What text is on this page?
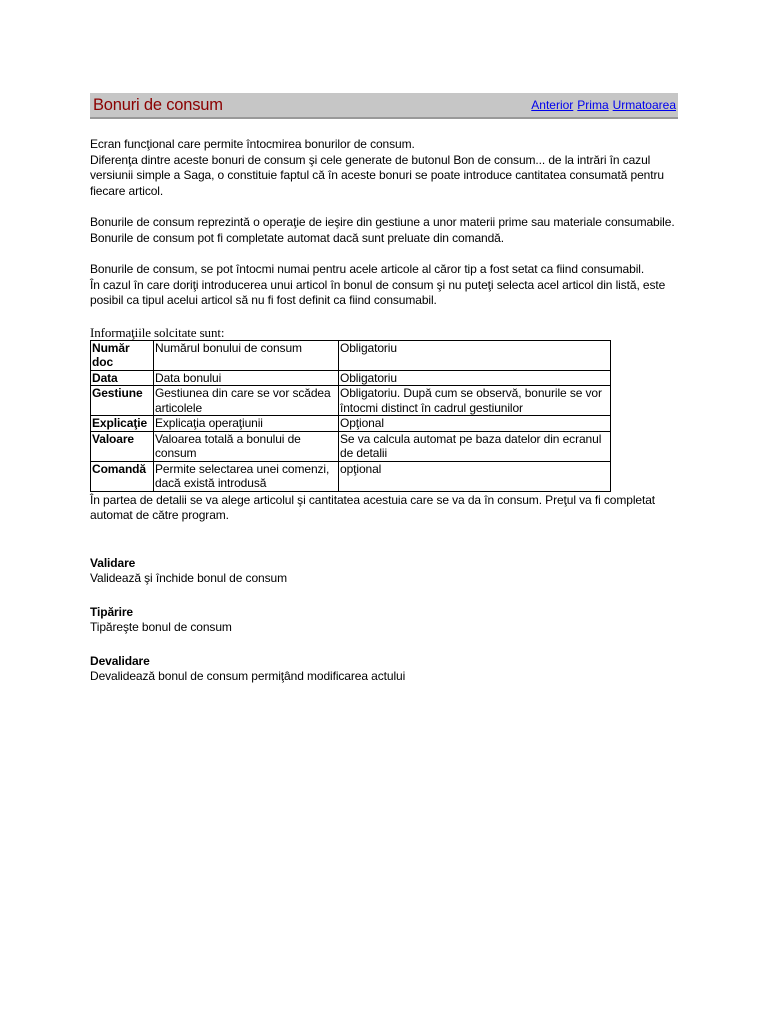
Bonuri de consum	Anterior Prima Urmatoarea

Ecran funcţional care permite întocmirea bonurilor de consum.

Diferenţa dintre aceste bonuri de consum şi cele generate de butonul Bon de consum... de la intrări în cazul versiunii simple a Saga, o constituie faptul că în aceste bonuri se poate introduce cantitatea consumată pentru fiecare articol.

Bonurile de consum reprezintă o operaţie de ieşire din gestiune a unor materii prime sau materiale consumabile.

Bonurile de consum pot fi completate automat dacă sunt preluate din comandă.

Bonurile de consum, se pot întocmi numai pentru acele articole al căror tip a fost setat ca fiind consumabil.

În cazul în care doriţi introducerea unui articol în bonul de consum şi nu puteţi selecta acel articol din listă, este posibil ca tipul acelui articol să nu fi fost definit ca fiind consumabil.

Informaţiile solcitate sunt:
Număr doc	Numărul bonului de consum	Obligatoriu
Data	Data bonului	Obligatoriu
Gestiune	Gestiunea din care se vor scădea articolele	Obligatoriu. După cum se observă, bonurile se vor întocmi distinct în cadrul gestiunilor
Explicaţie	Explicaţia operaţiunii	Opţional
Valoare	Valoarea totală a bonului de consum	Se va calcula automat pe baza datelor din ecranul de detalii
Comandă	Permite selectarea unei comenzi, dacă există introdusă	opţional

În partea de detalii se va alege articolul şi cantitatea acestuia care se va da în consum. Preţul va fi completat automat de către program.

Validare
Validează şi închide bonul de consum
Tipărire
Tipăreşte bonul de consum
Devalidare
Devalidează bonul de consum permiţând modificarea actului
